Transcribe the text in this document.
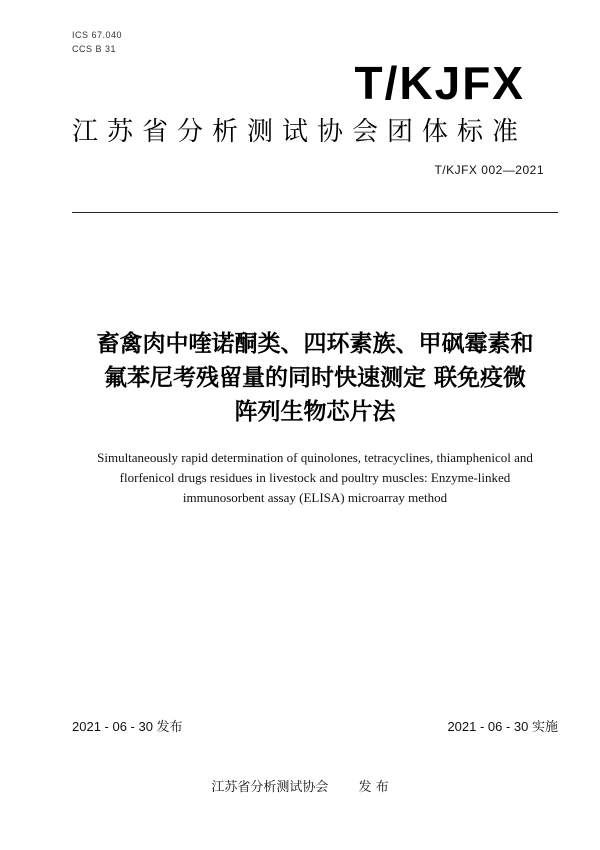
ICS 67.040
CCS B 31
T/KJFX
江苏省分析测试协会团体标准
T/KJFX 002—2021
畜禽肉中喹诺酮类、四环素族、甲砜霉素和
氟苯尼考残留量的同时快速测定 联免疫微
阵列生物芯片法
Simultaneously rapid determination of quinolones, tetracyclines, thiamphenicol and
florfenicol drugs residues in livestock and poultry muscles: Enzyme-linked
immunosorbent assay (ELISA) microarray method
2021 - 06 - 30 发布	2021 - 06 - 30 实施
江苏省分析测试协会 发 布
